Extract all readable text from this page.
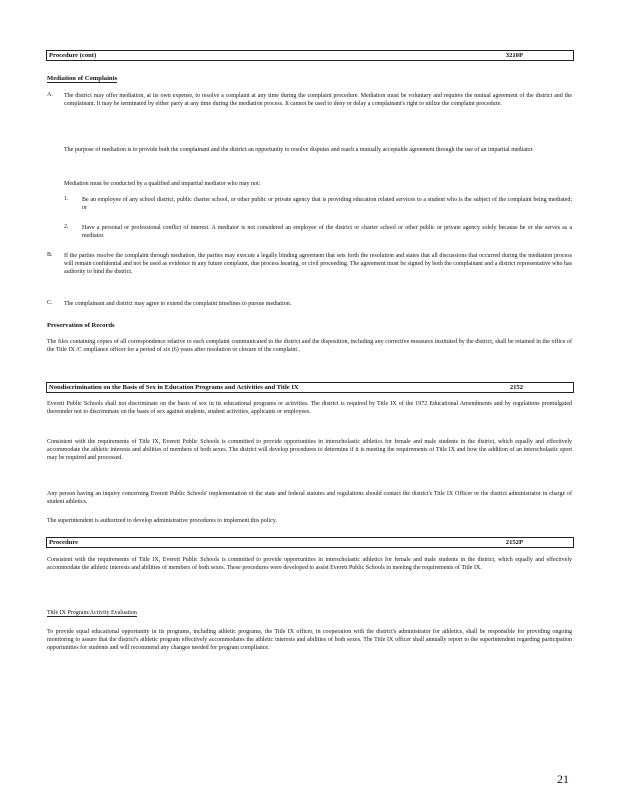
Procedure (cont)	3210P
Mediation of Complaints
A. The district may offer mediation, at its own expense, to resolve a complaint at any time during the complaint procedure. Mediation must be voluntary and requires the mutual agreement of the district and the complainant. It may be terminated by either party at any time during the mediation process. It cannot be used to deny or delay a complainant's right to utilize the complaint procedure.
The purpose of mediation is to provide both the complainant and the district an opportunity to resolve disputes and reach a mutually acceptable agreement through the use of an impartial mediator.
Mediation must be conducted by a qualified and impartial mediator who may not:
1. Be an employee of any school district, public charter school, or other public or private agency that is providing education related services to a student who is the subject of the complaint being mediated; or
2. Have a personal or professional conflict of interest. A mediator is not considered an employee of the district or charter school or other public or private agency solely because he or she serves as a mediator.
B. If the parties resolve the complaint through mediation, the parties may execute a legally binding agreement that sets forth the resolution and states that all discussions that occurred during the mediation process will remain confidential and not be used as evidence in any future complaint, due process hearing, or civil proceeding. The agreement must be signed by both the complainant and a district representative who has authority to bind the district.
C. The complainant and district may agree to extend the complaint timelines to pursue mediation.
Preservation of Records
The files containing copies of all correspondence relative to each complaint communicated to the district and the disposition, including any corrective measures instituted by the district, shall be retained in the office of the Title IX /C ompliance officer for a period of six (6) years after resolution or closure of the complaint .
Nondiscrimination on the Basis of Sex in Education Programs and Activities and Title IX	2152
Everett Public Schools shall not discriminate on the basis of sex in its educational programs or activities. The district is required by Title IX of the 1972 Educational Amendments and by regulations promulgated thereunder not to discriminate on the basis of sex against students, student activities, applicants or employees.
Consistent with the requirements of Title IX, Everett Public Schools is committed to provide opportunities in interscholastic athletics for female and male students in the district, which equally and effectively accommodate the athletic interests and abilities of members of both sexes. The district will develop procedures to determine if it is meeting the requirements of Title IX and how the addition of an interscholastic sport may be required and processed.
Any person having an inquiry concerning Everett Public Schools' implementation of the state and federal statutes and regulations should contact the district's Title IX Officer or the district administrator in charge of student athletics.
The superintendent is authorized to develop administrative procedures to implement this policy.
Procedure	2152P
Consistent with the requirements of Title IX, Everett Public Schools is committed to provide opportunities in interscholastic athletics for female and male students in the district, which equally and effectively accommodate the athletic interests and abilities of members of both sexes. These procedures were developed to assist Everett Public Schools in meeting the requirements of Title IX.
Title IX Program/Activity Evaluation
To provide equal educational opportunity in its programs, including athletic programs, the Title IX officer, in cooperation with the district's administrator for athletics, shall be responsible for providing ongoing monitoring to assure that the district's athletic program effectively accommodates the athletic interests and abilities of both sexes. The Title IX officer shall annually report to the superintendent regarding participation opportunities for students and will recommend any changes needed for program compliance.
21
